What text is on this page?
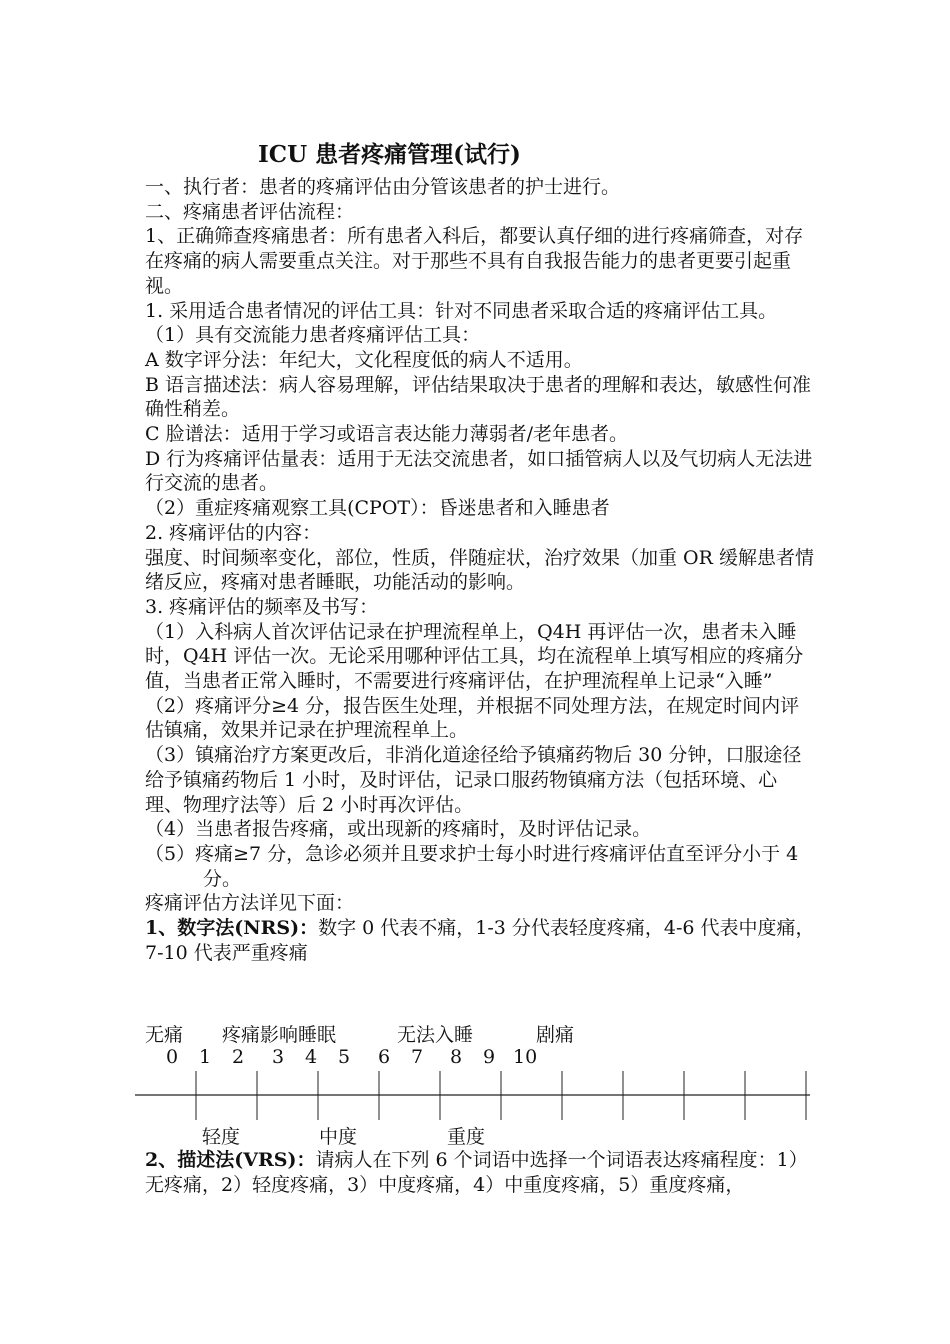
ICU 患者疼痛管理(试行)

一、执行者：患者的疼痛评估由分管该患者的护士进行。

二、疼痛患者评估流程：

1、正确筛查疼痛患者：所有患者入科后，都要认真仔细的进行疼痛筛查，对存在疼痛的病人需要重点关注。对于那些不具有自我报告能力的患者更要引起重视。

1. 采用适合患者情况的评估工具：针对不同患者采取合适的疼痛评估工具。

（1）具有交流能力患者疼痛评估工具：

A 数字评分法：年纪大，文化程度低的病人不适用。

B 语言描述法：病人容易理解，评估结果取决于患者的理解和表达，敏感性何准确性稍差。

C 脸谱法：适用于学习或语言表达能力薄弱者/老年患者。

D 行为疼痛评估量表：适用于无法交流患者，如口插管病人以及气切病人无法进行交流的患者。

（2）重症疼痛观察工具(CPOT）：昏迷患者和入睡患者

2. 疼痛评估的内容：

强度、时间频率变化，部位，性质，伴随症状，治疗效果（加重 OR 缓解患者情绪反应，疼痛对患者睡眠，功能活动的影响。

3. 疼痛评估的频率及书写：

（1）入科病人首次评估记录在护理流程单上，Q4H 再评估一次，患者未入睡时，Q4H 评估一次。无论采用哪种评估工具，均在流程单上填写相应的疼痛分值，当患者正常入睡时，不需要进行疼痛评估，在护理流程单上记录“入睡”

（2）疼痛评分≥4 分，报告医生处理，并根据不同处理方法，在规定时间内评估镇痛，效果并记录在护理流程单上。

（3）镇痛治疗方案更改后，非消化道途径给予镇痛药物后 30 分钟，口服途径给予镇痛药物后 1 小时，及时评估，记录口服药物镇痛方法（包括环境、心理、物理疗法等）后 2 小时再次评估。

（4）当患者报告疼痛，或出现新的疼痛时，及时评估记录。

（5）疼痛≥7 分，急诊必须并且要求护士每小时进行疼痛评估直至评分小于 4 分。

疼痛评估方法详见下面：

1、数字法(NRS)：数字 0 代表不痛，1-3 分代表轻度疼痛，4-6 代表中度痛，7-10 代表严重疼痛

无痛 疼痛影响睡眠	无法入睡	剧痛
0 1 2 3 4 5 6 7 8 9 10
轻度	中度	重度

2、描述法(VRS)：请病人在下列 6 个词语中选择一个词语表达疼痛程度：1）无疼痛，2）轻度疼痛，3）中度疼痛，4）中重度疼痛，5）重度疼痛，
